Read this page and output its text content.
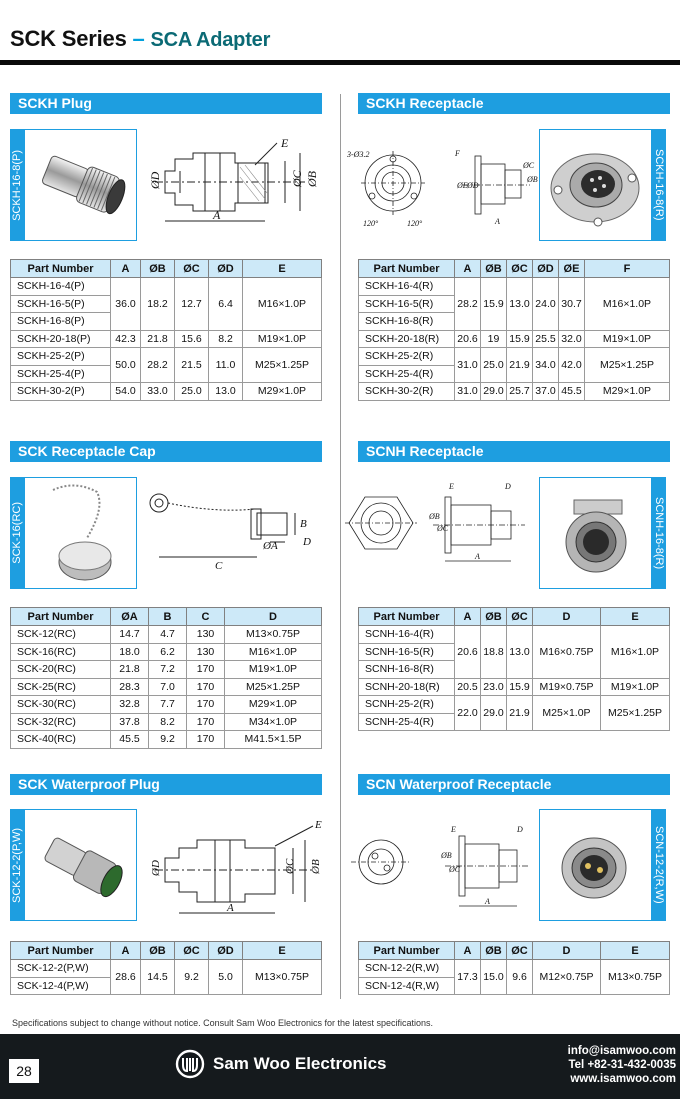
SCK Series – SCA Adapter
SCKH Plug
SCKH-16-8(P)	ØD
E
ØC ØB
A
Part Number	A	ØB	ØC	ØD	E
SCKH-16-4(P)	36.0	18.2	12.7	6.4	M16×1.0P
SCKH-16-5(P)					
SCKH-16-8(P)					
SCKH-20-18(P)	42.3	21.8	15.6	8.2	M19×1.0P
SCKH-25-2(P)	50.0	28.2	21.5	11.0	M25×1.25P
SCKH-25-4(P)					
SCKH-30-2(P)	54.0	33.0	25.0	13.0	M29×1.0P
SCKH Receptacle
SCKH-16-8(R)
3-Ø3.2
120°	120°
F
ØE ØD
ØC
ØB
A
Part Number	A	ØB	ØC	ØD	ØE	F
SCKH-16-4(R)	28.2	15.9	13.0	24.0	30.7	M16×1.0P
SCKH-16-5(R)						
SCKH-16-8(R)						
SCKH-20-18(R)	20.6	19	15.9	25.5	32.0	M19×1.0P
SCKH-25-2(R)	31.0	25.0	21.9	34.0	42.0	M25×1.25P
SCKH-25-4(R)						
SCKH-30-2(R)	31.0	29.0	25.7	37.0	45.5	M29×1.0P
SCK Receptacle Cap
SCK-16(RC)	B
ØA D
C
Part Number	ØA	B	C	D
SCK-12(RC)	14.7	4.7	130	M13×0.75P
SCK-16(RC)	18.0	6.2	130	M16×1.0P
SCK-20(RC)	21.8	7.2	170	M19×1.0P
SCK-25(RC)	28.3	7.0	170	M25×1.25P
SCK-30(RC)	32.8	7.7	170	M29×1.0P
SCK-32(RC)	37.8	8.2	170	M34×1.0P
SCK-40(RC)	45.5	9.2	170	M41.5×1.5P
SCNH Receptacle
SCNH-16-8(R)
E	D
ØB
ØC
A
Part Number	A	ØB	ØC	D	E
SCNH-16-4(R)	20.6	18.8	13.0	M16×0.75P	M16×1.0P
SCNH-16-5(R)					
SCNH-16-8(R)					
SCNH-20-18(R)	20.5	23.0	15.9	M19×0.75P	M19×1.0P
SCNH-25-2(R)	22.0	29.0	21.9	M25×1.0P	M25×1.25P
SCNH-25-4(R)					
SCK Waterproof Plug
SCK-12-2(P,W)
E
ØD	ØC ØB
A
Part Number	A	ØB	ØC	ØD	E
SCK-12-2(P,W)	28.6	14.5	9.2	5.0	M13×0.75P
SCK-12-4(P,W)					
SCN Waterproof Receptacle
SCN-12-2(R,W)
E	D
ØB
ØC
A
Part Number	A	ØB	ØC	D	E
SCN-12-2(R,W)	17.3	15.0	9.6	M12×0.75P	M13×0.75P
SCN-12-4(R,W)					
Specifications subject to change without notice. Consult Sam Woo Electronics for the latest specifications.
28	Sam Woo Electronics
info@isamwoo.com
Tel +82-31-432-0035
www.isamwoo.com
